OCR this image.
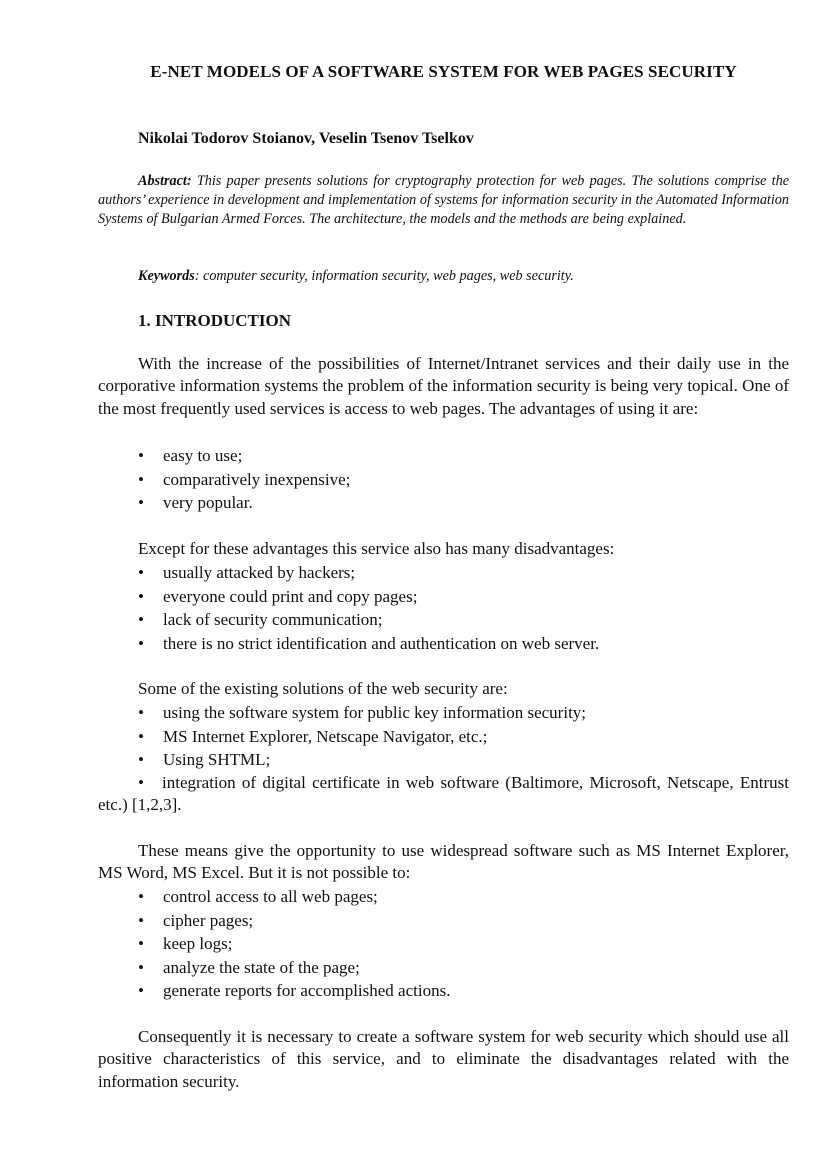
E-NET MODELS OF A SOFTWARE SYSTEM FOR WEB PAGES SECURITY

Nikolai Todorov Stoianov, Veselin Tsenov Tselkov

Abstract: This paper presents solutions for cryptography protection for web pages. The solutions comprise the authors’ experience in development and implementation of systems for information security in the Automated Information Systems of Bulgarian Armed Forces. The architecture, the models and the methods are being explained.

Keywords: computer security, information security, web pages, web security.

1. INTRODUCTION

With the increase of the possibilities of Internet/Intranet services and their daily use in the corporative information systems the problem of the information security is being very topical. One of the most frequently used services is access to web pages. The advantages of using it are:

• easy to use;
• comparatively inexpensive;
• very popular.

Except for these advantages this service also has many disadvantages:

• usually attacked by hackers;
• everyone could print and copy pages;
• lack of security communication;
• there is no strict identification and authentication on web server.

Some of the existing solutions of the web security are:

• using the software system for public key information security;
• MS Internet Explorer, Netscape Navigator, etc.;
• Using SHTML;

• integration of digital certificate in web software (Baltimore, Microsoft, Netscape, Entrust etc.) [1,2,3].

These means give the opportunity to use widespread software such as MS Internet Explorer, MS Word, MS Excel. But it is not possible to:

• control access to all web pages;
• cipher pages;
• keep logs;
• analyze the state of the page;
• generate reports for accomplished actions.

Consequently it is necessary to create a software system for web security which should use all positive characteristics of this service, and to eliminate the disadvantages related with the information security.
